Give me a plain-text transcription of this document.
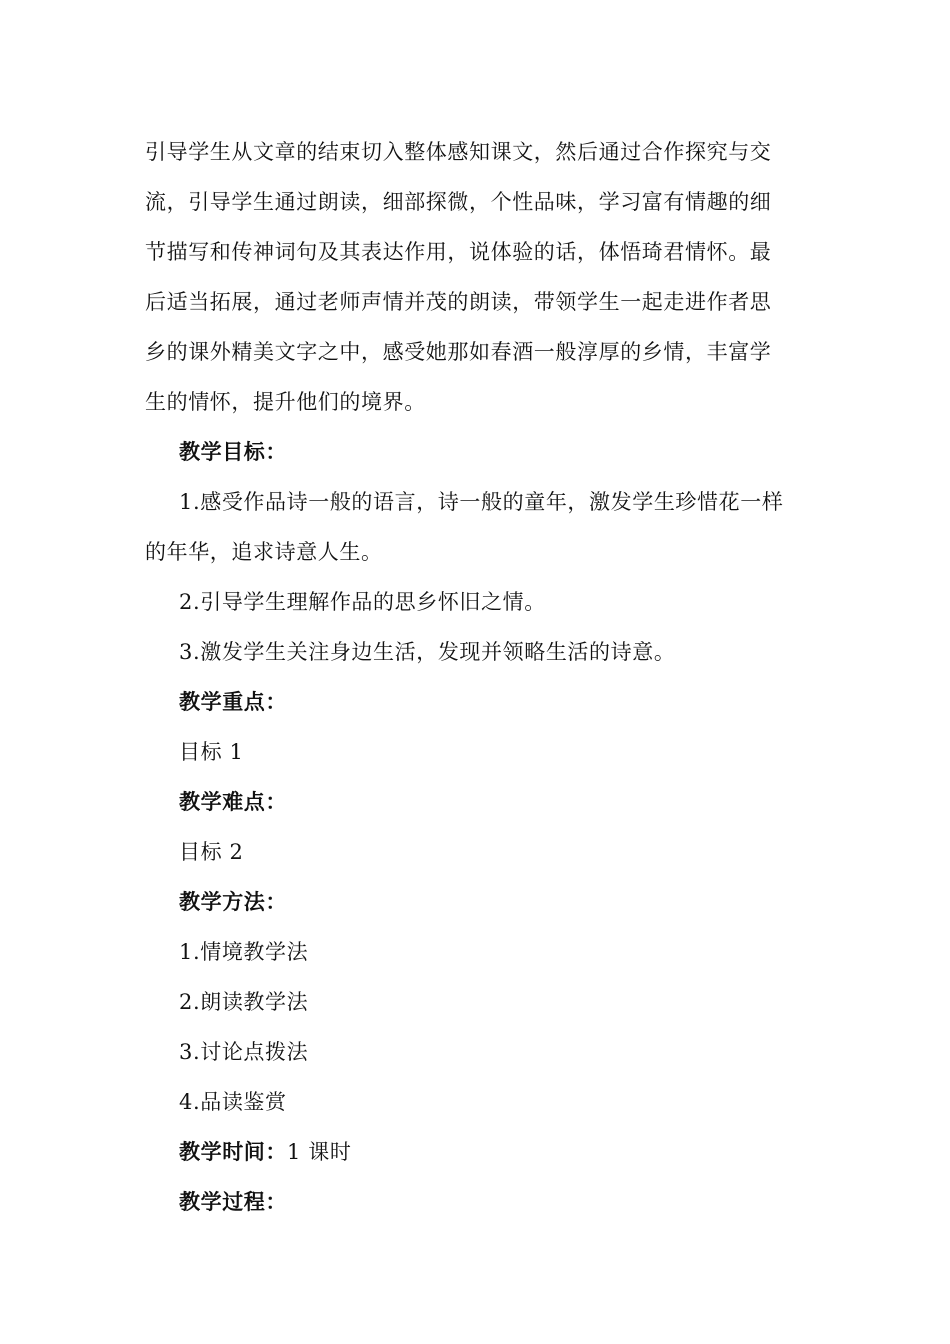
引导学生从文章的结束切入整体感知课文，然后通过合作探究与交
流，引导学生通过朗读，细部探微，个性品味，学习富有情趣的细
节描写和传神词句及其表达作用，说体验的话，体悟琦君情怀。最
后适当拓展，通过老师声情并茂的朗读，带领学生一起走进作者思
乡的课外精美文字之中，感受她那如春酒一般淳厚的乡情，丰富学
生的情怀，提升他们的境界。
教学目标：
1.感受作品诗一般的语言，诗一般的童年，激发学生珍惜花一样
的年华，追求诗意人生。
2.引导学生理解作品的思乡怀旧之情。
3.激发学生关注身边生活，发现并领略生活的诗意。
教学重点：
目标 1
教学难点：
目标 2
教学方法：
1.情境教学法
2.朗读教学法
3.讨论点拨法
4.品读鉴赏
教学时间：1 课时
教学过程：
